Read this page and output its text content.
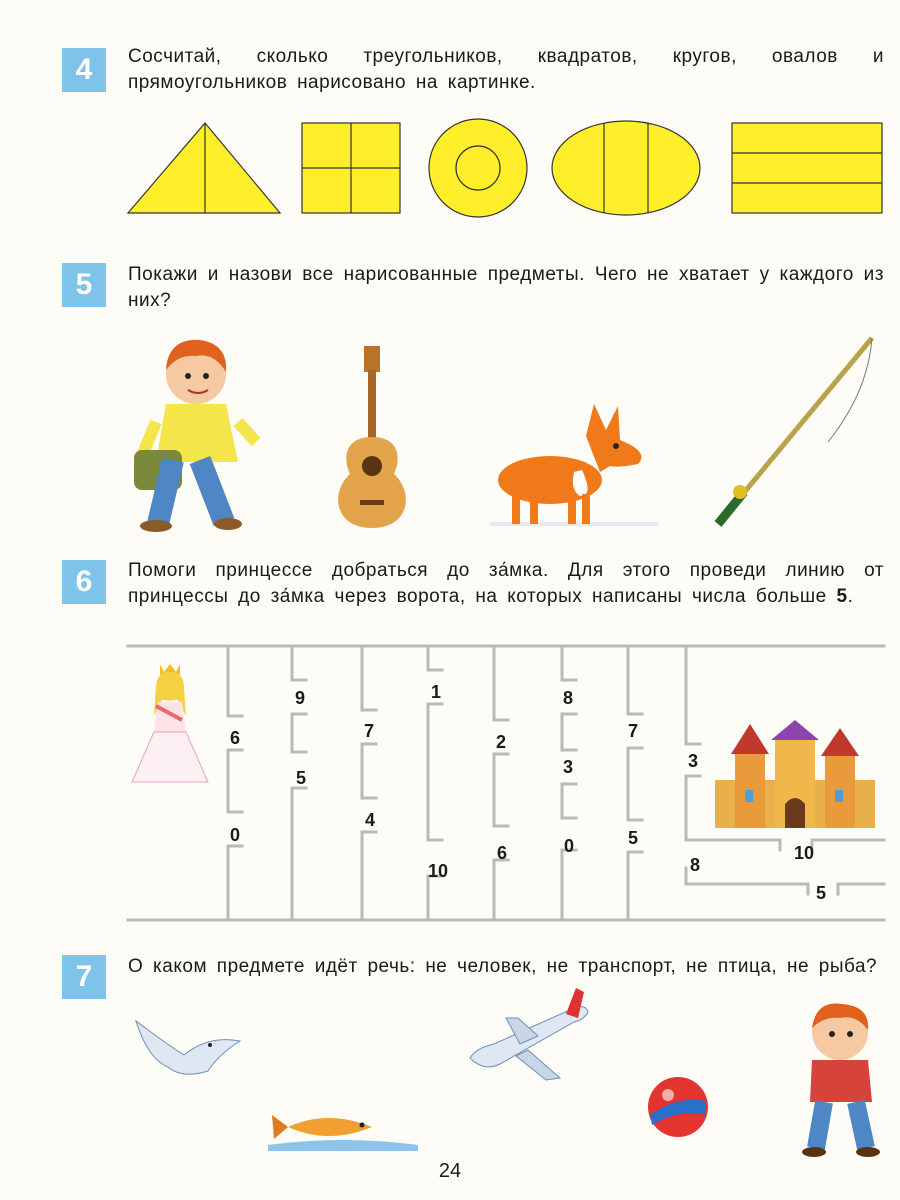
4	Сосчитай, сколько треугольников, квадратов, кругов, овалов и прямоугольников нарисовано на картинке.
5	Покажи и назови все нарисованные предметы. Чего не хватает у каждого из них?
6	Помоги принцессе добраться до за́мка. Для этого проведи линию от принцессы до за́мка через ворота, на которых написаны числа больше 5.
6
0
9
5
7
4
1
10
2
6
8
3
0
7
5
3
8
10
5
7	О каком предмете идёт речь: не человек, не транспорт, не птица, не рыба?
24
